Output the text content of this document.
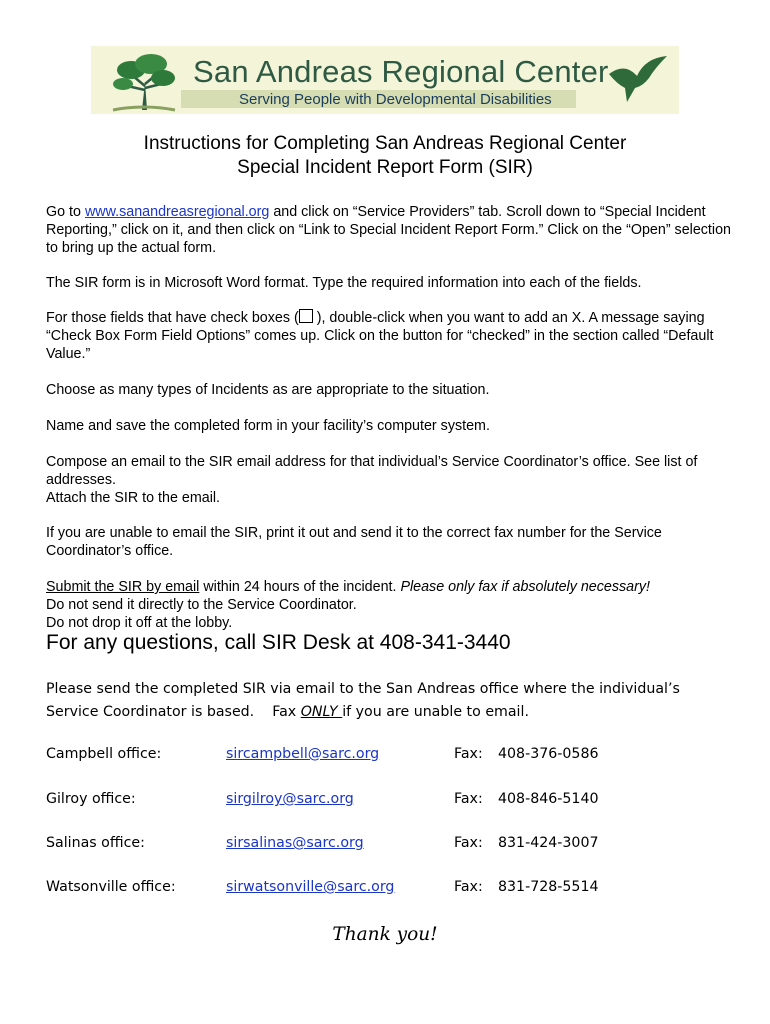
San Andreas Regional Center
Serving People with Developmental Disabilities
Instructions for Completing San Andreas Regional Center
Special Incident Report Form (SIR)
Go to www.sanandreasregional.org and click on “Service Providers” tab. Scroll down to “Special Incident Reporting,” click on it, and then click on “Link to Special Incident Report Form.” Click on the “Open” selection to bring up the actual form.
The SIR form is in Microsoft Word format. Type the required information into each of the fields.
For those fields that have check boxes ( ), double-click when you want to add an X. A message saying “Check Box Form Field Options” comes up. Click on the button for “checked” in the section called “Default Value.”
Choose as many types of Incidents as are appropriate to the situation.
Name and save the completed form in your facility’s computer system.
Compose an email to the SIR email address for that individual’s Service Coordinator’s office. See list of addresses.
Attach the SIR to the email.
If you are unable to email the SIR, print it out and send it to the correct fax number for the Service Coordinator’s office.
Submit the SIR by email within 24 hours of the incident. Please only fax if absolutely necessary!
Do not send it directly to the Service Coordinator.
Do not drop it off at the lobby.
For any questions, call SIR Desk at 408-341-3440
Please send the completed SIR via email to the San Andreas office where the individual’s
Service Coordinator is based.    Fax ONLY if you are unable to email.
Campbell office:	sircampbell@sarc.org	Fax: 408-376-0586
Gilroy office:	sirgilroy@sarc.org	Fax: 408-846-5140
Salinas office:	sirsalinas@sarc.org	Fax: 831-424-3007
Watsonville office:	sirwatsonville@sarc.org	Fax: 831-728-5514
Thank you!
